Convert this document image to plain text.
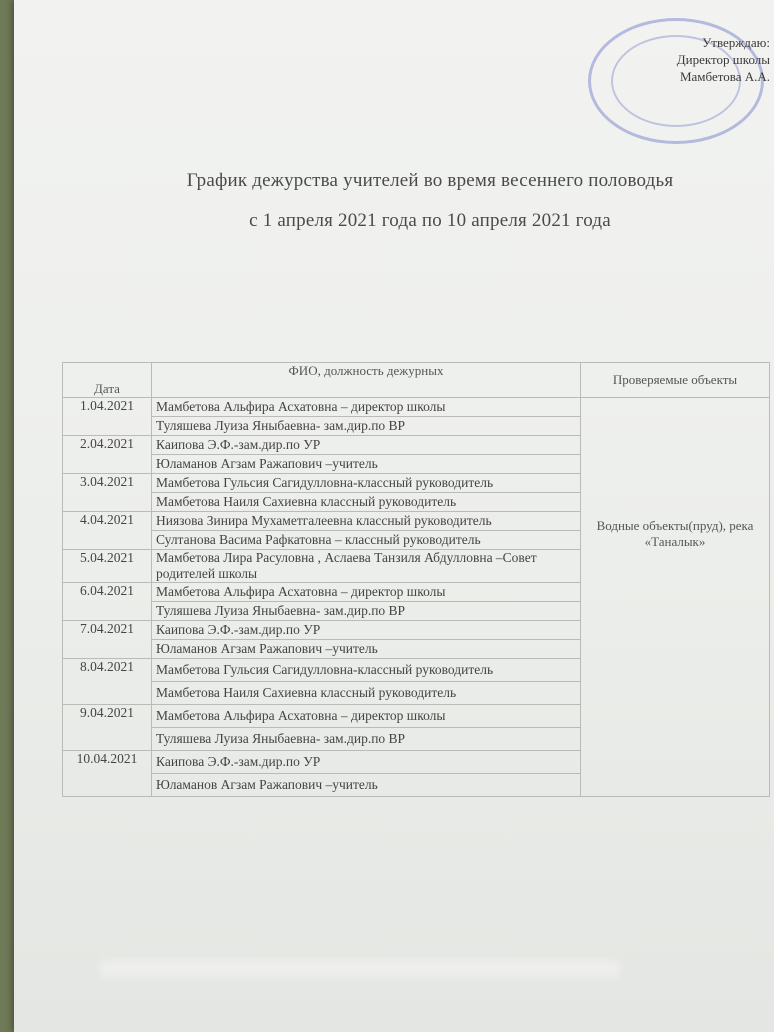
Утверждаю:
Директор школы
Мамбетова А.А.
График дежурства учителей во время весеннего половодья
с 1 апреля 2021 года по 10 апреля 2021 года
Дата	ФИО, должность дежурных	Проверяемые объекты
1.04.2021	Мамбетова Альфира Асхатовна – директор школы	Водные объекты(пруд), река «Таналык»
	Туляшева Луиза Яныбаевна- зам.дир.по ВР	
2.04.2021	Каипова Э.Ф.-зам.дир.по УР	
	Юламанов Агзам Ражапович –учитель	
3.04.2021	Мамбетова Гульсия Сагидулловна-классный руководитель	
	Мамбетова Наиля Сахиевна классный руководитель	
4.04.2021	Ниязова Зинира Мухаметгалеевна классный руководитель	
	Султанова Васима Рафкатовна – классный руководитель	
5.04.2021	Мамбетова Лира Расуловна , Аслаева Танзиля Абдулловна –Совет родителей школы	

6.04.2021	Мамбетова Альфира Асхатовна – директор школы	
	Туляшева Луиза Яныбаевна- зам.дир.по ВР	
7.04.2021	Каипова Э.Ф.-зам.дир.по УР	
	Юламанов Агзам Ражапович –учитель	
8.04.2021	Мамбетова Гульсия Сагидулловна-классный руководитель	
	Мамбетова Наиля Сахиевна классный руководитель	
9.04.2021	Мамбетова Альфира Асхатовна – директор школы	
	Туляшева Луиза Яныбаевна- зам.дир.по ВР	
10.04.2021	Каипова Э.Ф.-зам.дир.по УР	
	Юламанов Агзам Ражапович –учитель	
